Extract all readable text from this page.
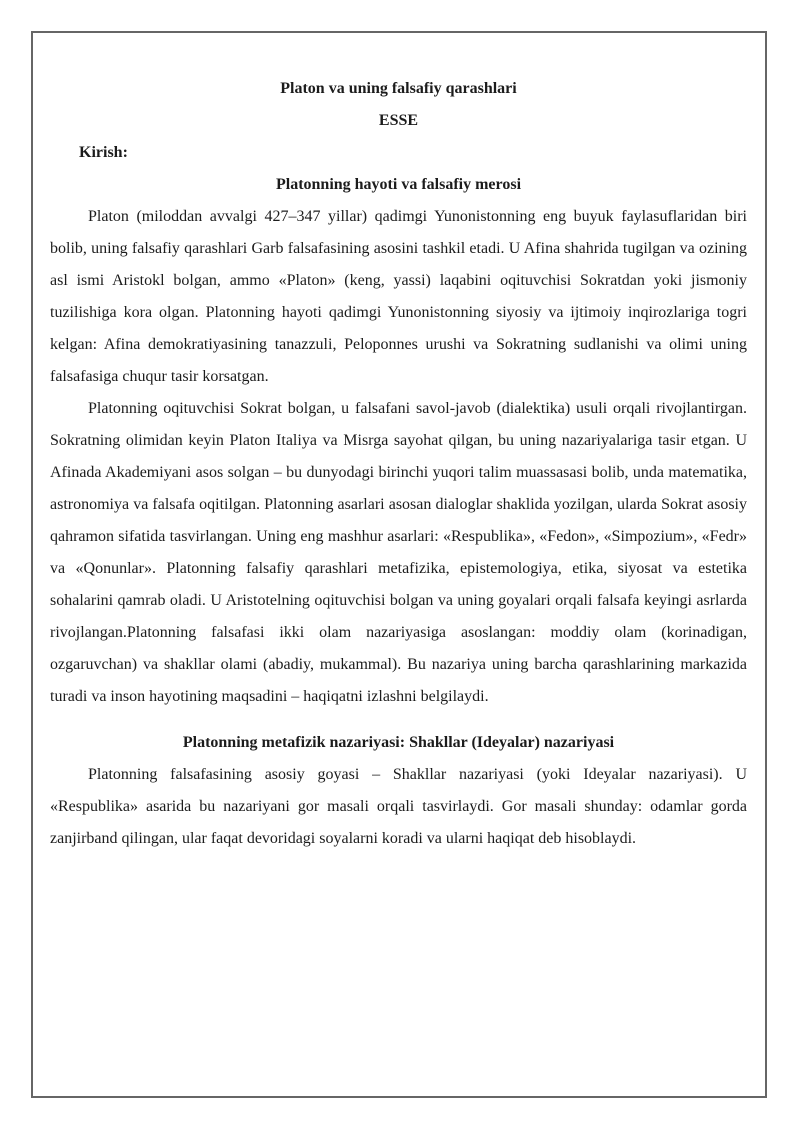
Platon va uning falsafiy qarashlari
ESSE
Kirish:
Platonning hayoti va falsafiy merosi

Platon (miloddan avvalgi 427–347 yillar) qadimgi Yunonistonning eng buyuk faylasuflaridan biri bolib, uning falsafiy qarashlari Garb falsafasining asosini tashkil etadi. U Afina shahrida tugilgan va ozining asl ismi Aristokl bolgan, ammo «Platon» (keng, yassi) laqabini oqituvchisi Sokratdan yoki jismoniy tuzilishiga kora olgan. Platonning hayoti qadimgi Yunonistonning siyosiy va ijtimoiy inqirozlariga togri kelgan: Afina demokratiyasining tanazzuli, Peloponnes urushi va Sokratning sudlanishi va olimi uning falsafasiga chuqur tasir korsatgan.

Platonning oqituvchisi Sokrat bolgan, u falsafani savol-javob (dialektika) usuli orqali rivojlantirgan. Sokratning olimidan keyin Platon Italiya va Misrga sayohat qilgan, bu uning nazariyalariga tasir etgan. U Afinada Akademiyani asos solgan – bu dunyodagi birinchi yuqori talim muassasasi bolib, unda matematika, astronomiya va falsafa oqitilgan. Platonning asarlari asosan dialoglar shaklida yozilgan, ularda Sokrat asosiy qahramon sifatida tasvirlangan. Uning eng mashhur asarlari: «Respublika», «Fedon», «Simpozium», «Fedr» va «Qonunlar». Platonning falsafiy qarashlari metafizika, epistemologiya, etika, siyosat va estetika sohalarini qamrab oladi. U Aristotelning oqituvchisi bolgan va uning goyalari orqali falsafa keyingi asrlarda rivojlangan.Platonning falsafasi ikki olam nazariyasiga asoslangan: moddiy olam (korinadigan, ozgaruvchan) va shakllar olami (abadiy, mukammal). Bu nazariya uning barcha qarashlarining markazida turadi va inson hayotining maqsadini – haqiqatni izlashni belgilaydi.

Platonning metafizik nazariyasi: Shakllar (Ideyalar) nazariyasi

Platonning falsafasining asosiy goyasi – Shakllar nazariyasi (yoki Ideyalar nazariyasi). U «Respublika» asarida bu nazariyani gor masali orqali tasvirlaydi. Gor masali shunday: odamlar gorda zanjirband qilingan, ular faqat devoridagi soyalarni koradi va ularni haqiqat deb hisoblaydi.
